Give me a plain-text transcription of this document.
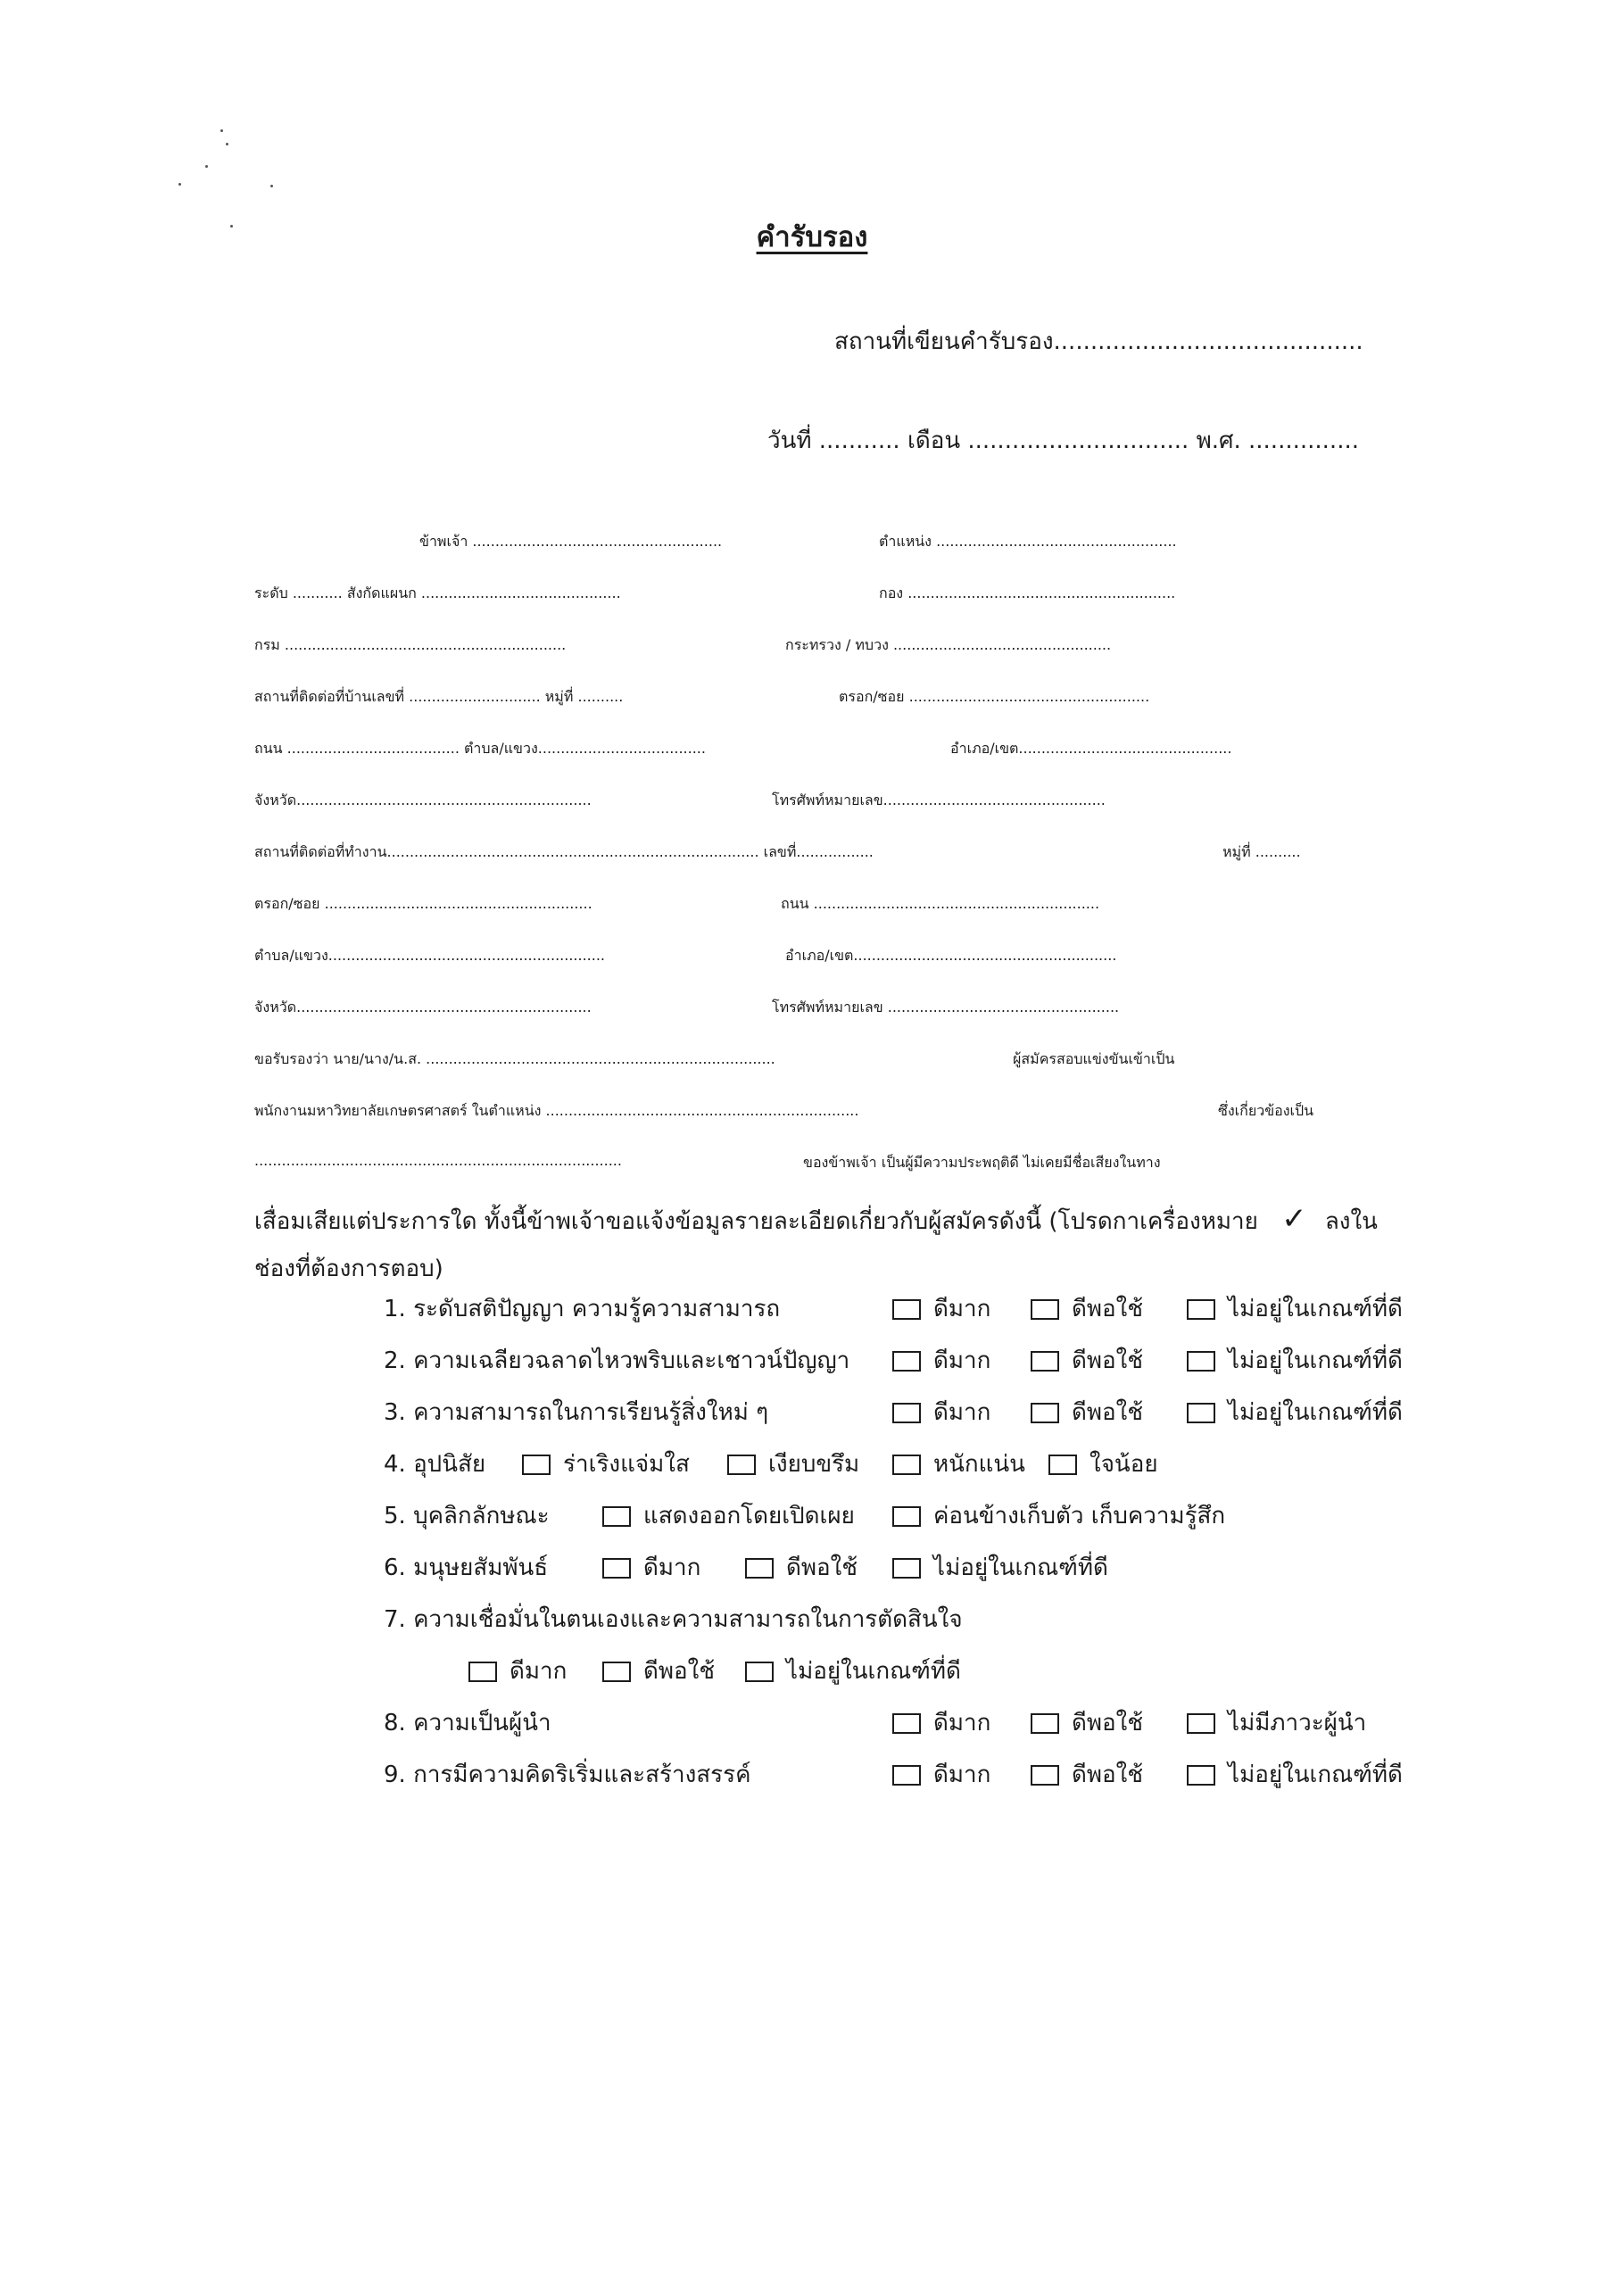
คำรับรอง
สถานที่เขียนคำรับรอง..........................................
วันที่ ........... เดือน .............................. พ.ศ. ...............
ข้าพเจ้า .......................................................	ตำแหน่ง .....................................................
ระดับ ........... สังกัดแผนก ............................................	กอง ...........................................................
กรม ..............................................................	กระทรวง / ทบวง ................................................
สถานที่ติดต่อที่บ้านเลขที่ ............................. หมู่ที่ ..........	ตรอก/ซอย .....................................................
ถนน ...................................... ตำบล/แขวง.....................................	อำเภอ/เขต...............................................
จังหวัด.................................................................	โทรศัพท์หมายเลข.................................................
สถานที่ติดต่อที่ทำงาน.................................................................................. เลขที่.................	หมู่ที่ ..........
ตรอก/ซอย ...........................................................	ถนน ...............................................................
ตำบล/แขวง.............................................................	อำเภอ/เขต..........................................................
จังหวัด.................................................................	โทรศัพท์หมายเลข ...................................................
ขอรับรองว่า นาย/นาง/น.ส. .............................................................................	ผู้สมัครสอบแข่งขันเข้าเป็น
พนักงานมหาวิทยาลัยเกษตรศาสตร์ ในตำแหน่ง .....................................................................	ซึ่งเกี่ยวข้องเป็น
.................................................................................	ของข้าพเจ้า เป็นผู้มีความประพฤติดี ไม่เคยมีชื่อเสียงในทาง
เสื่อมเสียแต่ประการใด ทั้งนี้ข้าพเจ้าขอแจ้งข้อมูลรายละเอียดเกี่ยวกับผู้สมัครดังนี้ (โปรดกาเครื่องหมาย ✓ ลงใน
ช่องที่ต้องการตอบ)
1. ระดับสติปัญญา ความรู้ความสามารถ	ดีมาก	ดีพอใช้	ไม่อยู่ในเกณฑ์ที่ดี
2. ความเฉลียวฉลาดไหวพริบและเชาวน์ปัญญา	ดีมาก	ดีพอใช้	ไม่อยู่ในเกณฑ์ที่ดี
3. ความสามารถในการเรียนรู้สิ่งใหม่ ๆ	ดีมาก	ดีพอใช้	ไม่อยู่ในเกณฑ์ที่ดี
4. อุปนิสัย	ร่าเริงแจ่มใส	เงียบขรึม	หนักแน่น	ใจน้อย
5. บุคลิกลักษณะ	แสดงออกโดยเปิดเผย	ค่อนข้างเก็บตัว เก็บความรู้สึก
6. มนุษยสัมพันธ์	ดีมาก	ดีพอใช้	ไม่อยู่ในเกณฑ์ที่ดี
7. ความเชื่อมั่นในตนเองและความสามารถในการตัดสินใจ
ดีมาก	ดีพอใช้	ไม่อยู่ในเกณฑ์ที่ดี
8. ความเป็นผู้นำ	ดีมาก	ดีพอใช้	ไม่มีภาวะผู้นำ
9. การมีความคิดริเริ่มและสร้างสรรค์	ดีมาก	ดีพอใช้	ไม่อยู่ในเกณฑ์ที่ดี
